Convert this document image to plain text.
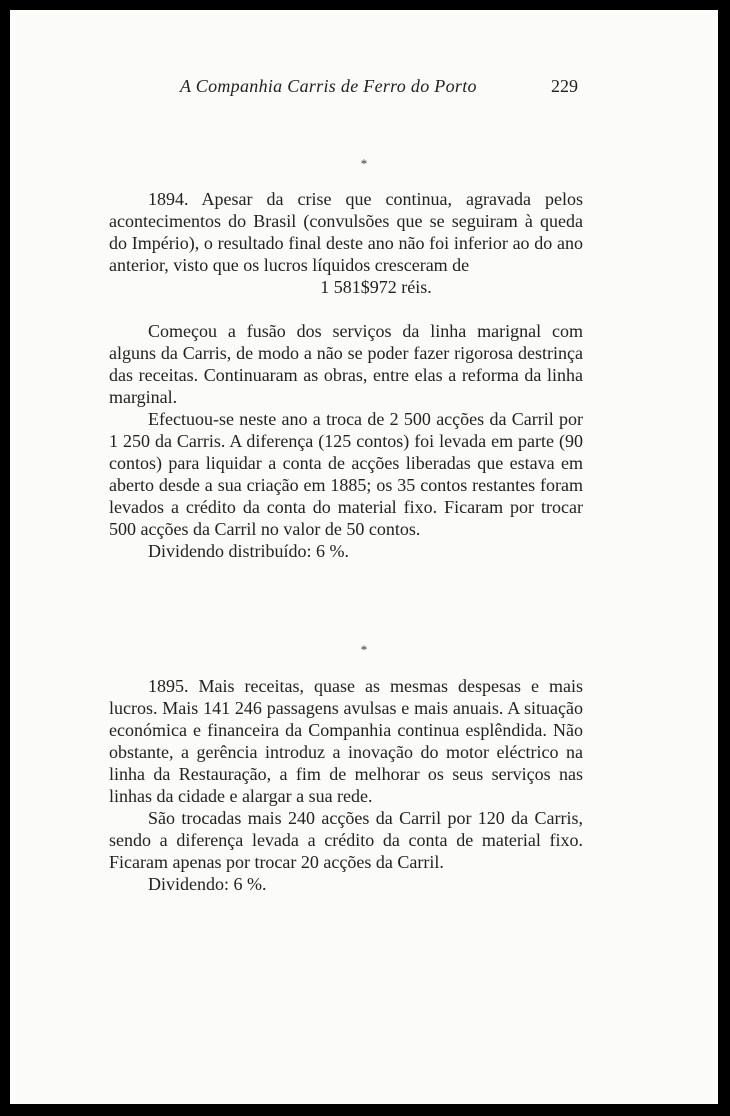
A Companhia Carris de Ferro do Porto	229
*

1894. Apesar da crise que continua, agravada pelos acontecimentos do Brasil (convulsões que se seguiram à queda do Império), o resultado final deste ano não foi inferior ao do ano anterior, visto que os lucros líquidos cresceram de

1 581$972 réis.

Começou a fusão dos serviços da linha marignal com alguns da Carris, de modo a não se poder fazer rigorosa destrinça das receitas. Continuaram as obras, entre elas a reforma da linha marginal.

Efectuou-se neste ano a troca de 2 500 acções da Carril por 1 250 da Carris. A diferença (125 contos) foi levada em parte (90 contos) para liquidar a conta de acções liberadas que estava em aberto desde a sua criação em 1885; os 35 contos restantes foram levados a crédito da conta do material fixo. Ficaram por trocar 500 acções da Carril no valor de 50 contos.

Dividendo distribuído: 6 %.

*

1895. Mais receitas, quase as mesmas despesas e mais lucros. Mais 141 246 passagens avulsas e mais anuais. A situação económica e financeira da Companhia continua esplêndida. Não obstante, a gerência introduz a inovação do motor eléctrico na linha da Restauração, a fim de melhorar os seus serviços nas linhas da cidade e alargar a sua rede.

São trocadas mais 240 acções da Carril por 120 da Carris, sendo a diferença levada a crédito da conta de material fixo. Ficaram apenas por trocar 20 acções da Carril.

Dividendo: 6 %.
